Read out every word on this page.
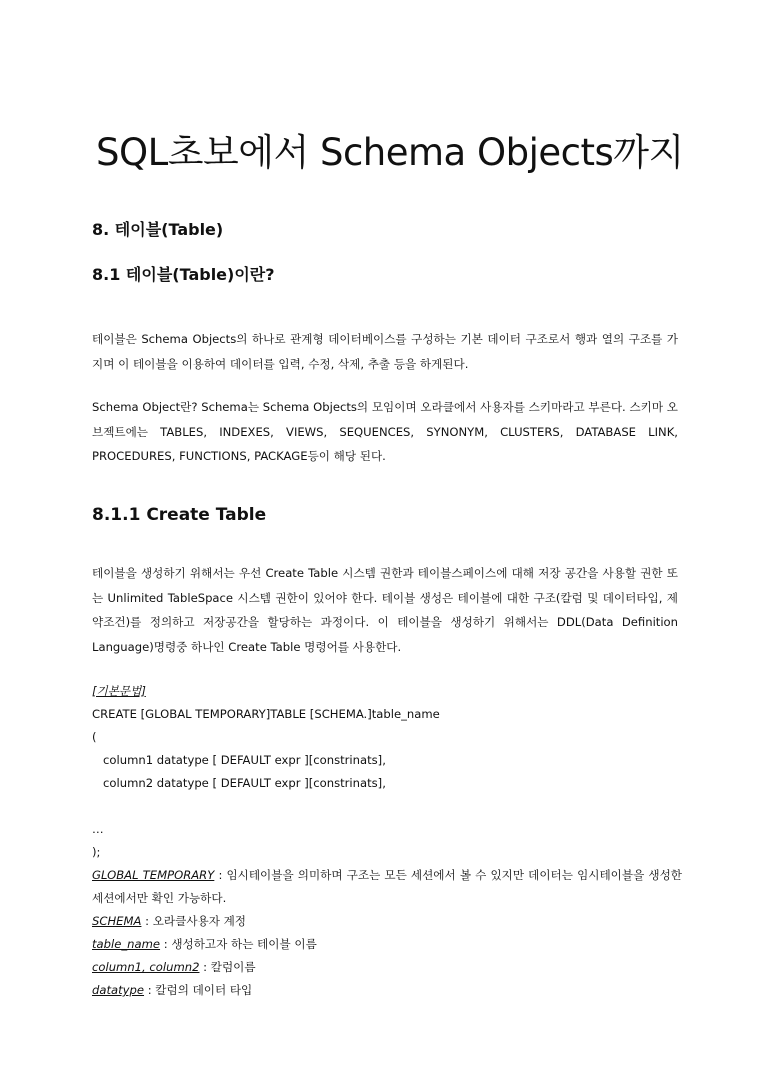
SQL초보에서 Schema Objects까지
8. 테이블(Table)
8.1 테이블(Table)이란?

테이블은 Schema Objects의 하나로 관계형 데이터베이스를 구성하는 기본 데이터 구조로서 행과 열의 구조를 가지며 이 테이블을 이용하여 데이터를 입력, 수정, 삭제, 추출 등을 하게된다.

Schema Object란? Schema는 Schema Objects의 모임이며 오라클에서 사용자를 스키마라고 부른다. 스키마 오브젝트에는 TABLES, INDEXES, VIEWS, SEQUENCES, SYNONYM, CLUSTERS, DATABASE LINK, PROCEDURES, FUNCTIONS, PACKAGE등이 해당 된다.

8.1.1 Create Table

테이블을 생성하기 위해서는 우선 Create Table 시스템 권한과 테이블스페이스에 대해 저장 공간을 사용할 권한 또는 Unlimited TableSpace 시스템 권한이 있어야 한다. 테이블 생성은 테이블에 대한 구조(칼럼 및 데이터타입, 제약조건)를 정의하고 저장공간을 할당하는 과정이다. 이 테이블을 생성하기 위해서는 DDL(Data Definition Language)명령중 하나인 Create Table 명령어를 사용한다.

[기본문법]
CREATE [GLOBAL TEMPORARY]TABLE [SCHEMA.]table_name
(
column1 datatype [ DEFAULT expr ][constrinats],
column2 datatype [ DEFAULT expr ][constrinats],
…
);
GLOBAL TEMPORARY : 임시테이블을 의미하며 구조는 모든 세션에서 볼 수 있지만 데이터는 임시테이블을 생성한 세션에서만 확인 가능하다.
SCHEMA : 오라클사용자 계정
table_name : 생성하고자 하는 테이블 이름
column1, column2 : 칼럼이름
datatype : 칼럼의 데이터 타입
